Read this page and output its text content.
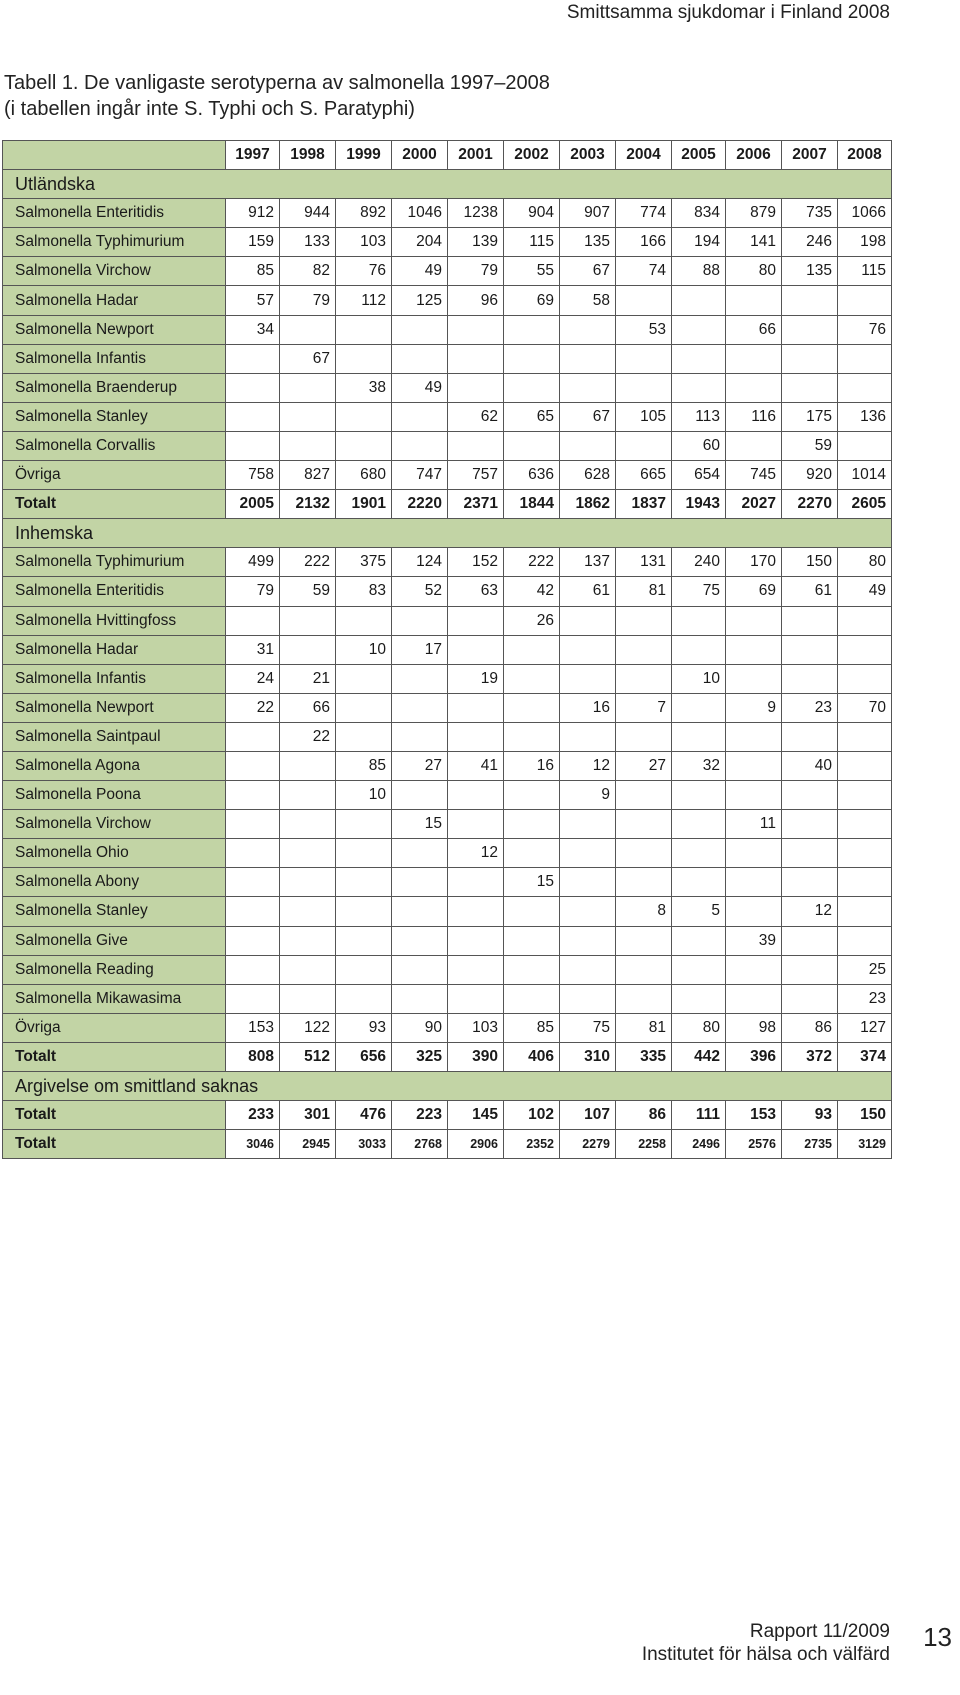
Smittsamma sjukdomar i Finland 2008
Tabell 1. De vanligaste serotyperna av salmonella 1997–2008
(i tabellen ingår inte S. Typhi och S. Paratyphi)
	1997	1998	1999	2000	2001	2002	2003	2004	2005	2006	2007	2008
Utländska												
Salmonella Enteritidis	912	944	892	1046	1238	904	907	774	834	879	735	1066
Salmonella Typhimurium	159	133	103	204	139	115	135	166	194	141	246	198
Salmonella Virchow	85	82	76	49	79	55	67	74	88	80	135	115
Salmonella Hadar	57	79	112	125	96	69	58					
Salmonella Newport	34							53		66		76
Salmonella Infantis		67										
Salmonella Braenderup			38	49								
Salmonella Stanley					62	65	67	105	113	116	175	136
Salmonella Corvallis									60		59	
Övriga	758	827	680	747	757	636	628	665	654	745	920	1014
Totalt	2005	2132	1901	2220	2371	1844	1862	1837	1943	2027	2270	2605
Inhemska												
Salmonella Typhimurium	499	222	375	124	152	222	137	131	240	170	150	80
Salmonella Enteritidis	79	59	83	52	63	42	61	81	75	69	61	49
Salmonella Hvittingfoss						26						
Salmonella Hadar	31		10	17								
Salmonella Infantis	24	21			19				10			
Salmonella Newport	22	66					16	7		9	23	70
Salmonella Saintpaul		22										
Salmonella Agona			85	27	41	16	12	27	32		40	
Salmonella Poona			10				9					
Salmonella Virchow				15						11		
Salmonella Ohio					12							
Salmonella Abony						15						
Salmonella Stanley								8	5		12	
Salmonella Give										39		
Salmonella Reading												25
Salmonella Mikawasima												23
Övriga	153	122	93	90	103	85	75	81	80	98	86	127
Totalt	808	512	656	325	390	406	310	335	442	396	372	374
Argivelse om smittland saknas												
Totalt	233	301	476	223	145	102	107	86	111	153	93	150
Totalt	3046	2945	3033	2768	2906	2352	2279	2258	2496	2576	2735	3129
Rapport 11/2009
Institutet för hälsa och välfärd
13
